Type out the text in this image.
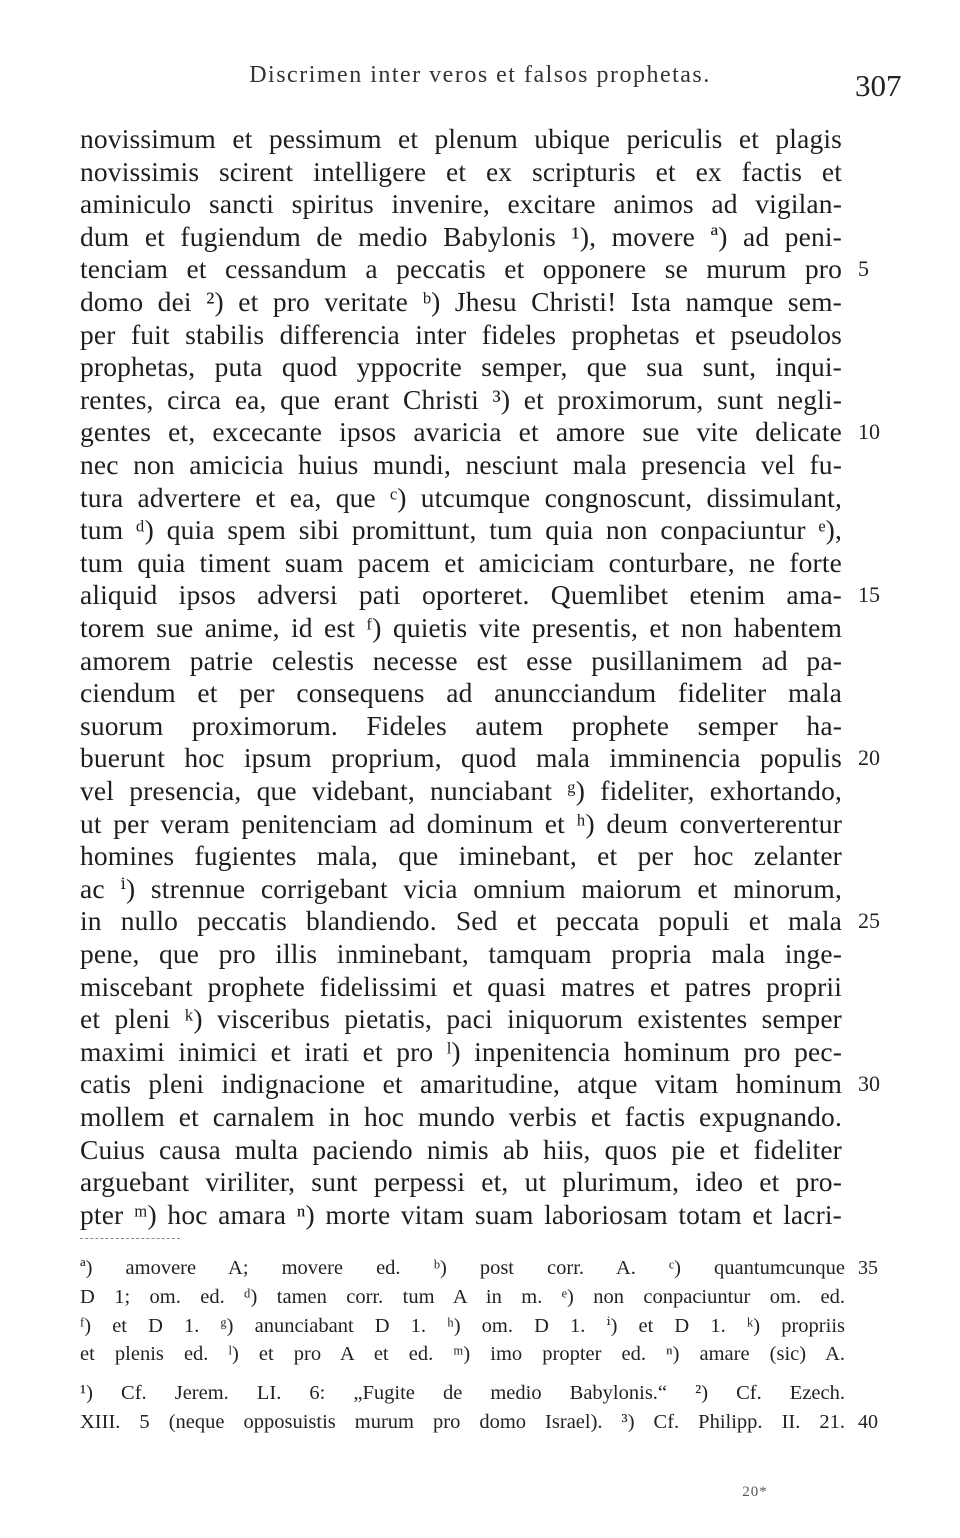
Discrimen inter veros et falsos prophetas.	307
novissimum et pessimum et plenum ubique periculis et plagis
novissimis scirent intelligere et ex scripturis et ex factis et
aminiculo sancti spiritus invenire, excitare animos ad vigilan-
dum et fugiendum de medio Babylonis ¹), movere ª) ad peni-
tenciam et cessandum a peccatis et opponere se murum pro
domo dei ²) et pro veritate ᵇ) Jhesu Christi! Ista namque sem-
per fuit stabilis differencia inter fideles prophetas et pseudolos
prophetas, puta quod yppocrite semper, que sua sunt, inqui-
rentes, circa ea, que erant Christi ³) et proximorum, sunt negli-
gentes et, excecante ipsos avaricia et amore sue vite delicate
nec non amicicia huius mundi, nesciunt mala presencia vel fu-
tura advertere et ea, que ᶜ) utcumque congnoscunt, dissimulant,
tum ᵈ) quia spem sibi promittunt, tum quia non conpaciuntur ᵉ),
tum quia timent suam pacem et amiciciam conturbare, ne forte
aliquid ipsos adversi pati oporteret. Quemlibet etenim ama-
torem sue anime, id est ᶠ) quietis vite presentis, et non habentem
amorem patrie celestis necesse est esse pusillanimem ad pa-
ciendum et per consequens ad anuncciandum fideliter mala
suorum proximorum. Fideles autem prophete semper ha-
buerunt hoc ipsum proprium, quod mala imminencia populis
vel presencia, que videbant, nunciabant ᵍ) fideliter, exhortando,
ut per veram penitenciam ad dominum et ʰ) deum converterentur
homines fugientes mala, que iminebant, et per hoc zelanter
ac ⁱ) strennue corrigebant vicia omnium maiorum et minorum,
in nullo peccatis blandiendo. Sed et peccata populi et mala
pene, que pro illis inminebant, tamquam propria mala inge-
miscebant prophete fidelissimi et quasi matres et patres proprii
et pleni ᵏ) visceribus pietatis, paci iniquorum existentes semper
maximi inimici et irati et pro ˡ) inpenitencia hominum pro pec-
catis pleni indignacione et amaritudine, atque vitam hominum
mollem et carnalem in hoc mundo verbis et factis expugnando.
Cuius causa multa paciendo nimis ab hiis, quos pie et fideliter
arguebant viriliter, sunt perpessi et, ut plurimum, ideo et pro-
pter ᵐ) hoc amara ⁿ) morte vitam suam laboriosam totam et lacri-
5
10
15
20
25
30
ª) amovere A; movere ed. ᵇ) post corr. A. ᶜ) quantumcunque
D 1; om. ed. ᵈ) tamen corr. tum A in m. ᵉ) non conpaciuntur om. ed.
ᶠ) et D 1. ᵍ) anunciabant D 1. ʰ) om. D 1. ⁱ) et D 1. ᵏ) propriis
et plenis ed. ˡ) et pro A et ed. ᵐ) imo propter ed. ⁿ) amare (sic) A.
¹) Cf. Jerem. LI. 6: „Fugite de medio Babylonis.“ ²) Cf. Ezech.
XIII. 5 (neque opposuistis murum pro domo Israel). ³) Cf. Philipp. II. 21.
35
40
20*
